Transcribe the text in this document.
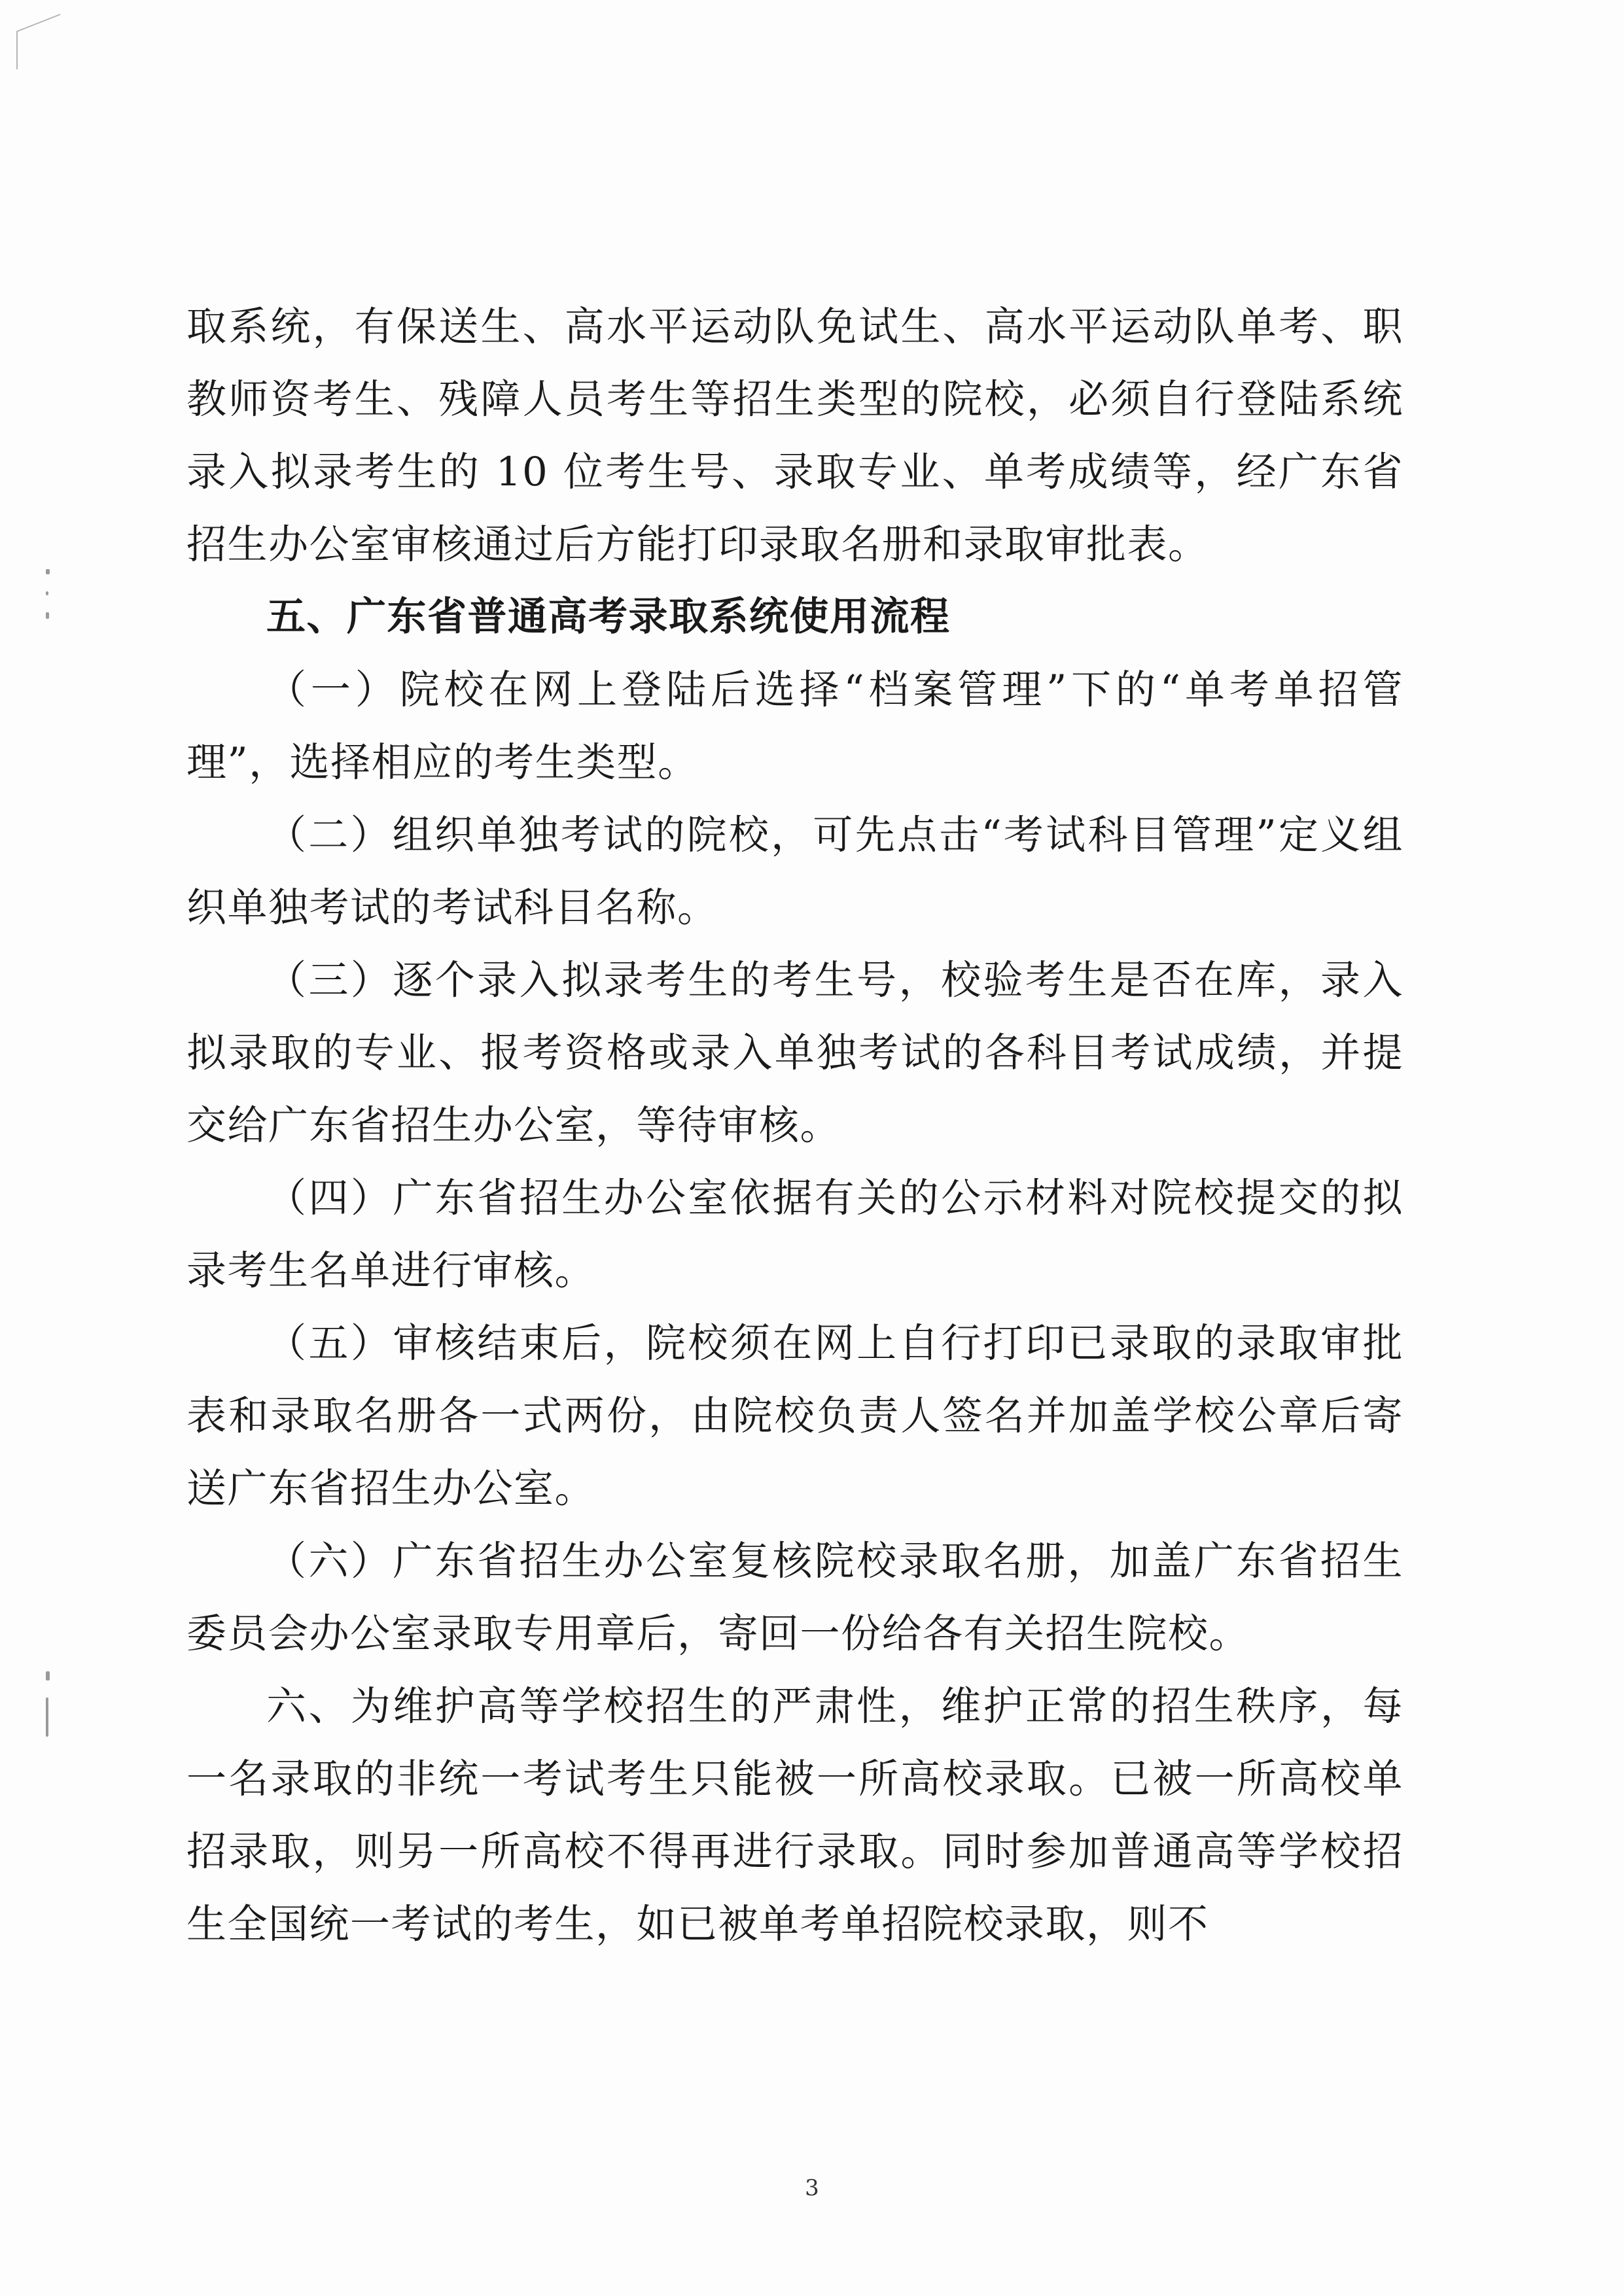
取系统，有保送生、高水平运动队免试生、高水平运动队单考、职教师资考生、残障人员考生等招生类型的院校，必须自行登陆系统录入拟录考生的 10 位考生号、录取专业、单考成绩等，经广东省招生办公室审核通过后方能打印录取名册和录取审批表。

五、广东省普通高考录取系统使用流程

（一）院校在网上登陆后选择“档案管理”下的“单考单招管理”，选择相应的考生类型。

（二）组织单独考试的院校，可先点击“考试科目管理”定义组织单独考试的考试科目名称。

（三）逐个录入拟录考生的考生号，校验考生是否在库，录入拟录取的专业、报考资格或录入单独考试的各科目考试成绩，并提交给广东省招生办公室，等待审核。

（四）广东省招生办公室依据有关的公示材料对院校提交的拟录考生名单进行审核。

（五）审核结束后，院校须在网上自行打印已录取的录取审批表和录取名册各一式两份，由院校负责人签名并加盖学校公章后寄送广东省招生办公室。

（六）广东省招生办公室复核院校录取名册，加盖广东省招生委员会办公室录取专用章后，寄回一份给各有关招生院校。

六、为维护高等学校招生的严肃性，维护正常的招生秩序，每一名录取的非统一考试考生只能被一所高校录取。已被一所高校单招录取，则另一所高校不得再进行录取。同时参加普通高等学校招生全国统一考试的考生，如已被单考单招院校录取，则不

3
